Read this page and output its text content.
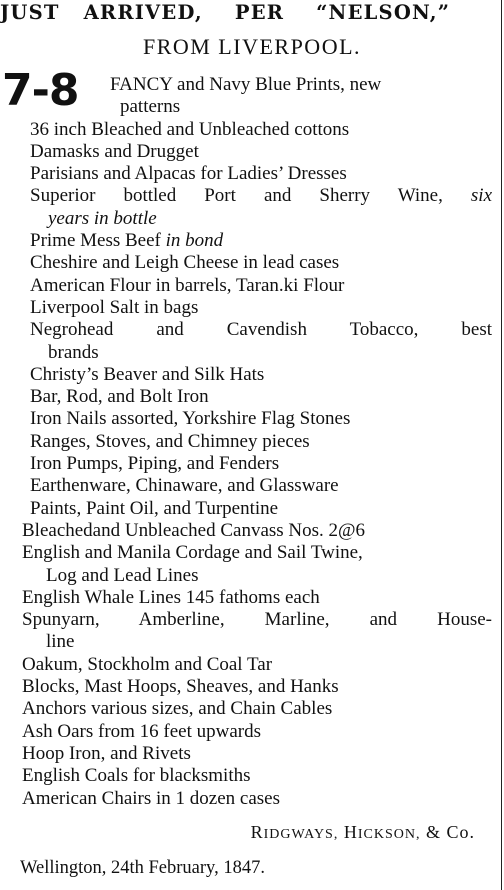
JUST ARRIVED, PER “NELSON,”
FROM LIVERPOOL.
7-8 FANCY and Navy Blue Prints, new
patterns
36 inch Bleached and Unbleached cottons
Damasks and Drugget
Parisians and Alpacas for Ladies’ Dresses
Superior bottled Port and Sherry Wine, six
years in bottle
Prime Mess Beef in bond
Cheshire and Leigh Cheese in lead cases
American Flour in barrels, Taran.ki Flour
Liverpool Salt in bags
Negrohead and Cavendish Tobacco, best
brands
Christy’s Beaver and Silk Hats
Bar, Rod, and Bolt Iron
Iron Nails assorted, Yorkshire Flag Stones
Ranges, Stoves, and Chimney pieces
Iron Pumps, Piping, and Fenders
Earthenware, Chinaware, and Glassware
Paints, Paint Oil, and Turpentine
Bleachedand Unbleached Canvass Nos. 2@6
English and Manila Cordage and Sail Twine,
Log and Lead Lines
English Whale Lines 145 fathoms each
Spunyarn, Amberline, Marline, and House-
line
Oakum, Stockholm and Coal Tar
Blocks, Mast Hoops, Sheaves, and Hanks
Anchors various sizes, and Chain Cables
Ash Oars from 16 feet upwards
Hoop Iron, and Rivets
English Coals for blacksmiths
American Chairs in 1 dozen cases
RIDGWAYS, HICKSON, & Co.
Wellington, 24th February, 1847.
